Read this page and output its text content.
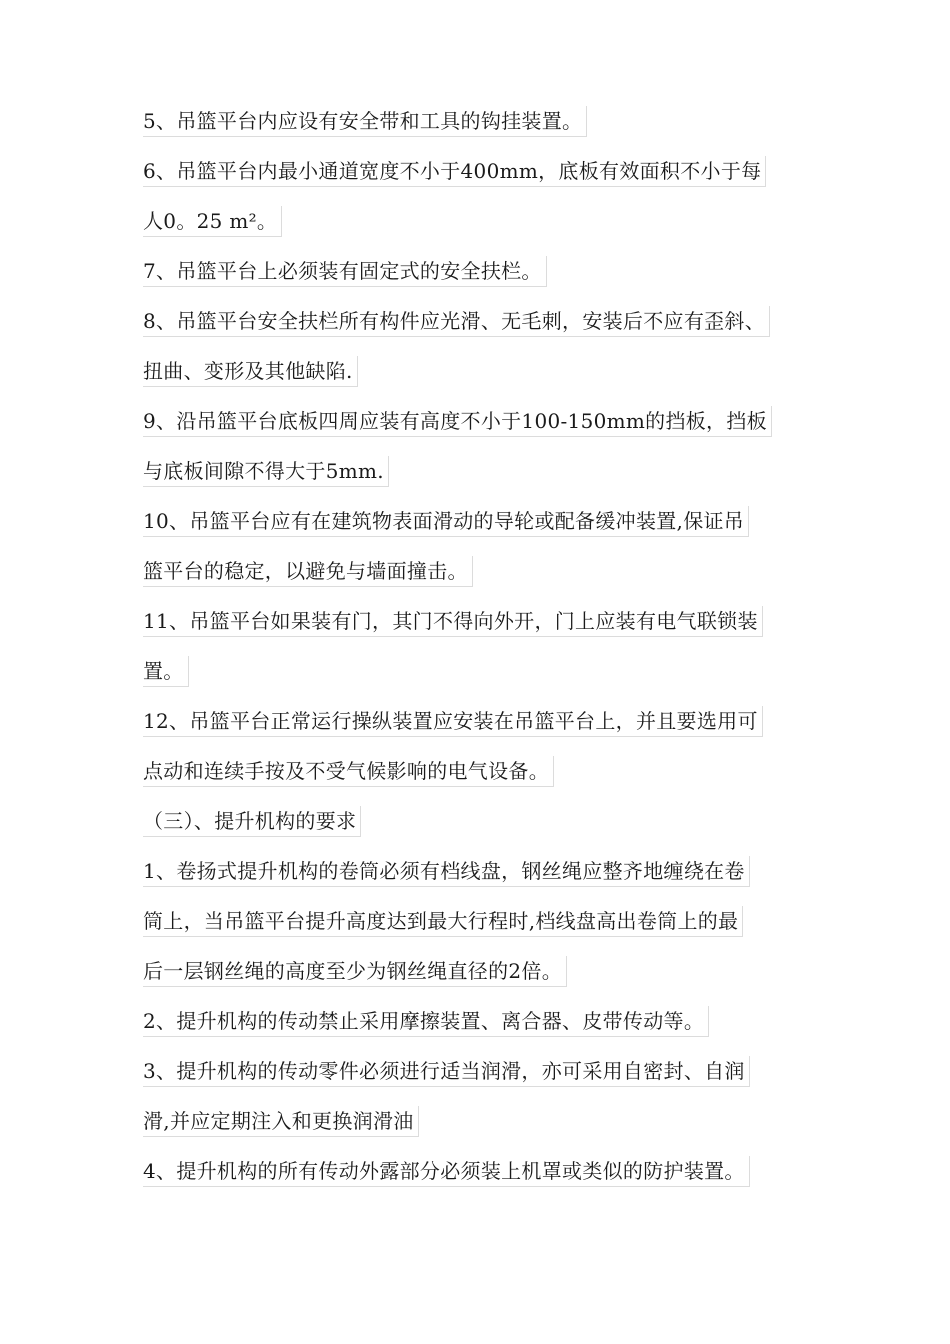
5、吊篮平台内应设有安全带和工具的钩挂装置。
6、吊篮平台内最小通道宽度不小于400mm，底板有效面积不小于每
人0。25 m²。
7、吊篮平台上必须装有固定式的安全扶栏。
8、吊篮平台安全扶栏所有构件应光滑、无毛刺，安装后不应有歪斜、
扭曲、变形及其他缺陷.
9、沿吊篮平台底板四周应装有高度不小于100-150mm的挡板，挡板
与底板间隙不得大于5mm.
10、吊篮平台应有在建筑物表面滑动的导轮或配备缓冲装置,保证吊
篮平台的稳定，以避免与墙面撞击。
11、吊篮平台如果装有门，其门不得向外开，门上应装有电气联锁装
置。
12、吊篮平台正常运行操纵装置应安装在吊篮平台上，并且要选用可
点动和连续手按及不受气候影响的电气设备。
（三）、提升机构的要求
1、卷扬式提升机构的卷筒必须有档线盘，钢丝绳应整齐地缠绕在卷
筒上，当吊篮平台提升高度达到最大行程时,档线盘高出卷筒上的最
后一层钢丝绳的高度至少为钢丝绳直径的2倍。
2、提升机构的传动禁止采用摩擦装置、离合器、皮带传动等。
3、提升机构的传动零件必须进行适当润滑，亦可采用自密封、自润
滑,并应定期注入和更换润滑油
4、提升机构的所有传动外露部分必须装上机罩或类似的防护装置。
